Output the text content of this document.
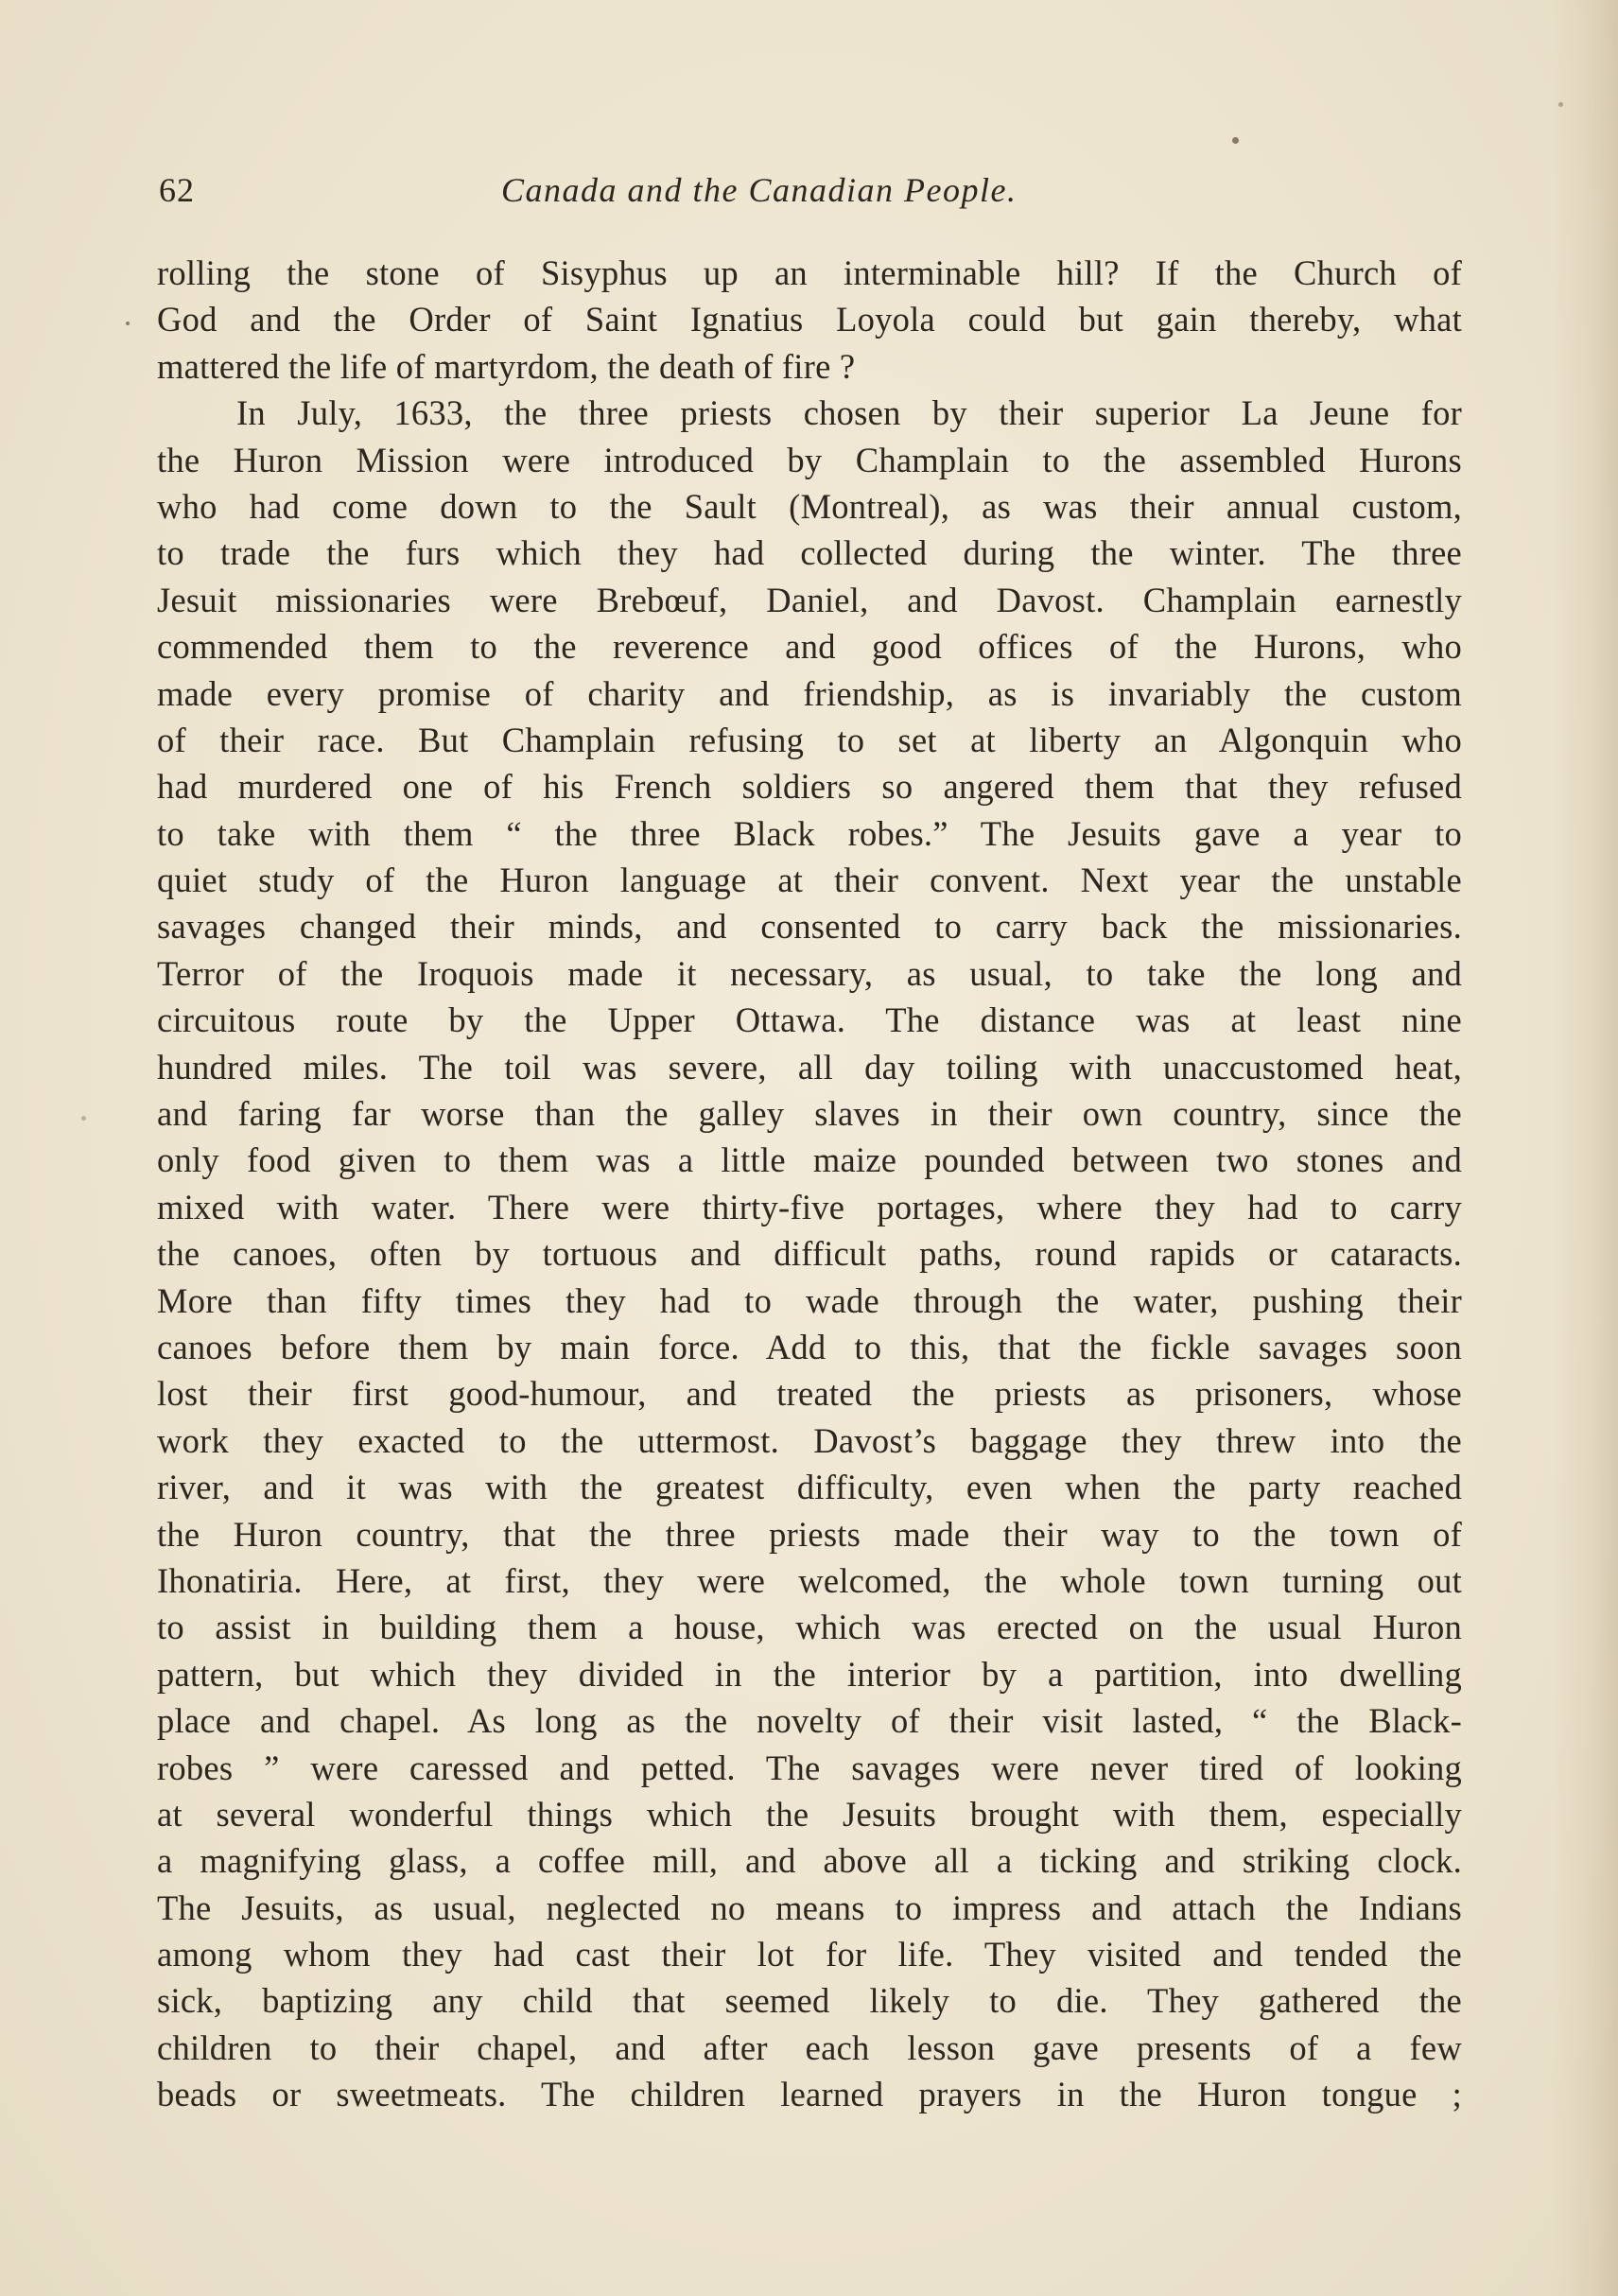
62	Canada and the Canadian People.
rolling the stone of Sisyphus up an interminable hill? If the Church of
God and the Order of Saint Ignatius Loyola could but gain thereby, what
mattered the life of martyrdom, the death of fire ?
In July, 1633, the three priests chosen by their superior La Jeune for
the Huron Mission were introduced by Champlain to the assembled Hurons
who had come down to the Sault (Montreal), as was their annual custom,
to trade the furs which they had collected during the winter. The three
Jesuit missionaries were Brebœuf, Daniel, and Davost. Champlain earnestly
commended them to the reverence and good offices of the Hurons, who
made every promise of charity and friendship, as is invariably the custom
of their race. But Champlain refusing to set at liberty an Algonquin who
had murdered one of his French soldiers so angered them that they refused
to take with them “ the three Black robes.” The Jesuits gave a year to
quiet study of the Huron language at their convent. Next year the unstable
savages changed their minds, and consented to carry back the missionaries.
Terror of the Iroquois made it necessary, as usual, to take the long and
circuitous route by the Upper Ottawa. The distance was at least nine
hundred miles. The toil was severe, all day toiling with unaccustomed heat,
and faring far worse than the galley slaves in their own country, since the
only food given to them was a little maize pounded between two stones and
mixed with water. There were thirty-five portages, where they had to carry
the canoes, often by tortuous and difficult paths, round rapids or cataracts.
More than fifty times they had to wade through the water, pushing their
canoes before them by main force. Add to this, that the fickle savages soon
lost their first good-humour, and treated the priests as prisoners, whose
work they exacted to the uttermost. Davost’s baggage they threw into the
river, and it was with the greatest difficulty, even when the party reached
the Huron country, that the three priests made their way to the town of
Ihonatiria. Here, at first, they were welcomed, the whole town turning out
to assist in building them a house, which was erected on the usual Huron
pattern, but which they divided in the interior by a partition, into dwelling
place and chapel. As long as the novelty of their visit lasted, “ the Black-
robes ” were caressed and petted. The savages were never tired of looking
at several wonderful things which the Jesuits brought with them, especially
a magnifying glass, a coffee mill, and above all a ticking and striking clock.
The Jesuits, as usual, neglected no means to impress and attach the Indians
among whom they had cast their lot for life. They visited and tended the
sick, baptizing any child that seemed likely to die. They gathered the
children to their chapel, and after each lesson gave presents of a few
beads or sweetmeats. The children learned prayers in the Huron tongue ;
